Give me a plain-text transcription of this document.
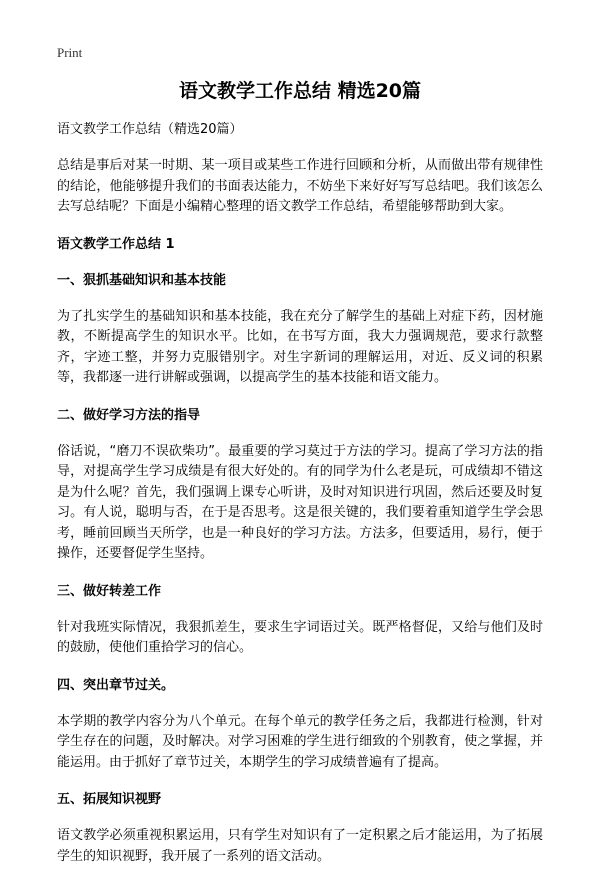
Print
语文教学工作总结 精选20篇
语文教学工作总结（精选20篇）

总结是事后对某一时期、某一项目或某些工作进行回顾和分析，从而做出带有规律性的结论，他能够提升我们的书面表达能力，不妨坐下来好好写写总结吧。我们该怎么去写总结呢？下面是小编精心整理的语文教学工作总结，希望能够帮助到大家。

语文教学工作总结 1
一、狠抓基础知识和基本技能

为了扎实学生的基础知识和基本技能，我在充分了解学生的基础上对症下药，因材施教，不断提高学生的知识水平。比如，在书写方面，我大力强调规范，要求行款整齐，字迹工整，并努力克服错别字。对生字新词的理解运用，对近、反义词的积累等，我都逐一进行讲解或强调，以提高学生的基本技能和语文能力。

二、做好学习方法的指导

俗话说，“磨刀不误砍柴功”。最重要的学习莫过于方法的学习。提高了学习方法的指导，对提高学生学习成绩是有很大好处的。有的同学为什么老是玩，可成绩却不错这是为什么呢？首先，我们强调上课专心听讲，及时对知识进行巩固，然后还要及时复习。有人说，聪明与否，在于是否思考。这是很关键的，我们要着重知道学生学会思考，睡前回顾当天所学，也是一种良好的学习方法。方法多，但要适用，易行，便于操作，还要督促学生坚持。

三、做好转差工作

针对我班实际情况，我狠抓差生，要求生字词语过关。既严格督促，又给与他们及时的鼓励，使他们重拾学习的信心。

四、突出章节过关。

本学期的教学内容分为八个单元。在每个单元的教学任务之后，我都进行检测，针对学生存在的问题，及时解决。对学习困难的学生进行细致的个别教育，使之掌握，并能运用。由于抓好了章节过关，本期学生的学习成绩普遍有了提高。

五、拓展知识视野

语文教学必须重视积累运用，只有学生对知识有了一定积累之后才能运用，为了拓展学生的知识视野，我开展了一系列的语文活动。
